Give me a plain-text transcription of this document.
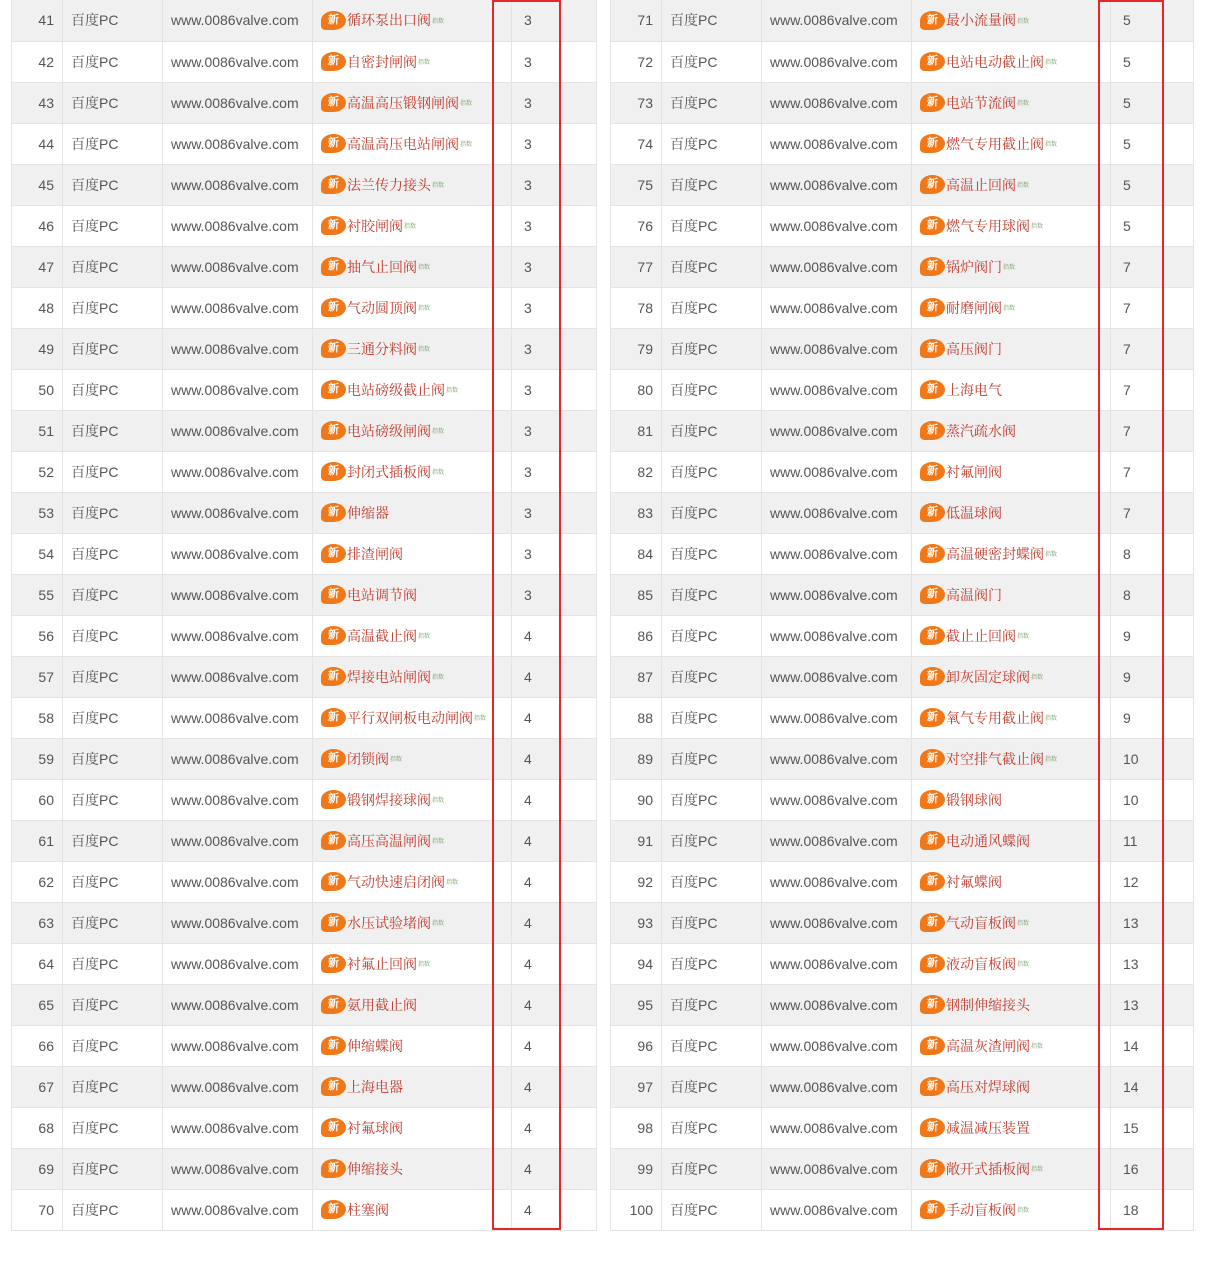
41	百度PC	www.0086valve.com	新 循环泵出口阀指数		3
42	百度PC	www.0086valve.com	新 自密封闸阀指数		3
43	百度PC	www.0086valve.com	新 高温高压锻钢闸阀指数		3
44	百度PC	www.0086valve.com	新 高温高压电站闸阀指数		3
45	百度PC	www.0086valve.com	新 法兰传力接头指数		3
46	百度PC	www.0086valve.com	新 衬胶闸阀指数		3
47	百度PC	www.0086valve.com	新 抽气止回阀指数		3
48	百度PC	www.0086valve.com	新 气动圆顶阀指数		3
49	百度PC	www.0086valve.com	新 三通分料阀指数		3
50	百度PC	www.0086valve.com	新 电站磅级截止阀指数		3
51	百度PC	www.0086valve.com	新 电站磅级闸阀指数		3
52	百度PC	www.0086valve.com	新 封闭式插板阀指数		3
53	百度PC	www.0086valve.com	新 伸缩器		3
54	百度PC	www.0086valve.com	新 排渣闸阀		3
55	百度PC	www.0086valve.com	新 电站调节阀		3
56	百度PC	www.0086valve.com	新 高温截止阀指数		4
57	百度PC	www.0086valve.com	新 焊接电站闸阀指数		4
58	百度PC	www.0086valve.com	新 平行双闸板电动闸阀指数		4
59	百度PC	www.0086valve.com	新 闭锁阀指数		4
60	百度PC	www.0086valve.com	新 锻钢焊接球阀指数		4
61	百度PC	www.0086valve.com	新 高压高温闸阀指数		4
62	百度PC	www.0086valve.com	新 气动快速启闭阀指数		4
63	百度PC	www.0086valve.com	新 水压试验堵阀指数		4
64	百度PC	www.0086valve.com	新 衬氟止回阀指数		4
65	百度PC	www.0086valve.com	新 氨用截止阀		4
66	百度PC	www.0086valve.com	新 伸缩蝶阀		4
67	百度PC	www.0086valve.com	新 上海电器		4
68	百度PC	www.0086valve.com	新 衬氟球阀		4
69	百度PC	www.0086valve.com	新 伸缩接头		4
70	百度PC	www.0086valve.com	新 柱塞阀		4
71	百度PC	www.0086valve.com	新 最小流量阀指数		5
72	百度PC	www.0086valve.com	新 电站电动截止阀指数		5
73	百度PC	www.0086valve.com	新 电站节流阀指数		5
74	百度PC	www.0086valve.com	新 燃气专用截止阀指数		5
75	百度PC	www.0086valve.com	新 高温止回阀指数		5
76	百度PC	www.0086valve.com	新 燃气专用球阀指数		5
77	百度PC	www.0086valve.com	新 锅炉阀门指数		7
78	百度PC	www.0086valve.com	新 耐磨闸阀指数		7
79	百度PC	www.0086valve.com	新 高压阀门		7
80	百度PC	www.0086valve.com	新 上海电气		7
81	百度PC	www.0086valve.com	新 蒸汽疏水阀		7
82	百度PC	www.0086valve.com	新 衬氟闸阀		7
83	百度PC	www.0086valve.com	新 低温球阀		7
84	百度PC	www.0086valve.com	新 高温硬密封蝶阀指数		8
85	百度PC	www.0086valve.com	新 高温阀门		8
86	百度PC	www.0086valve.com	新 截止止回阀指数		9
87	百度PC	www.0086valve.com	新 卸灰固定球阀指数		9
88	百度PC	www.0086valve.com	新 氧气专用截止阀指数		9
89	百度PC	www.0086valve.com	新 对空排气截止阀指数		10
90	百度PC	www.0086valve.com	新 锻钢球阀		10
91	百度PC	www.0086valve.com	新 电动通风蝶阀		11
92	百度PC	www.0086valve.com	新 衬氟蝶阀		12
93	百度PC	www.0086valve.com	新 气动盲板阀指数		13
94	百度PC	www.0086valve.com	新 液动盲板阀指数		13
95	百度PC	www.0086valve.com	新 钢制伸缩接头		13
96	百度PC	www.0086valve.com	新 高温灰渣闸阀指数		14
97	百度PC	www.0086valve.com	新 高压对焊球阀		14
98	百度PC	www.0086valve.com	新 减温减压装置		15
99	百度PC	www.0086valve.com	新 敞开式插板阀指数		16
100	百度PC	www.0086valve.com	新 手动盲板阀指数		18
